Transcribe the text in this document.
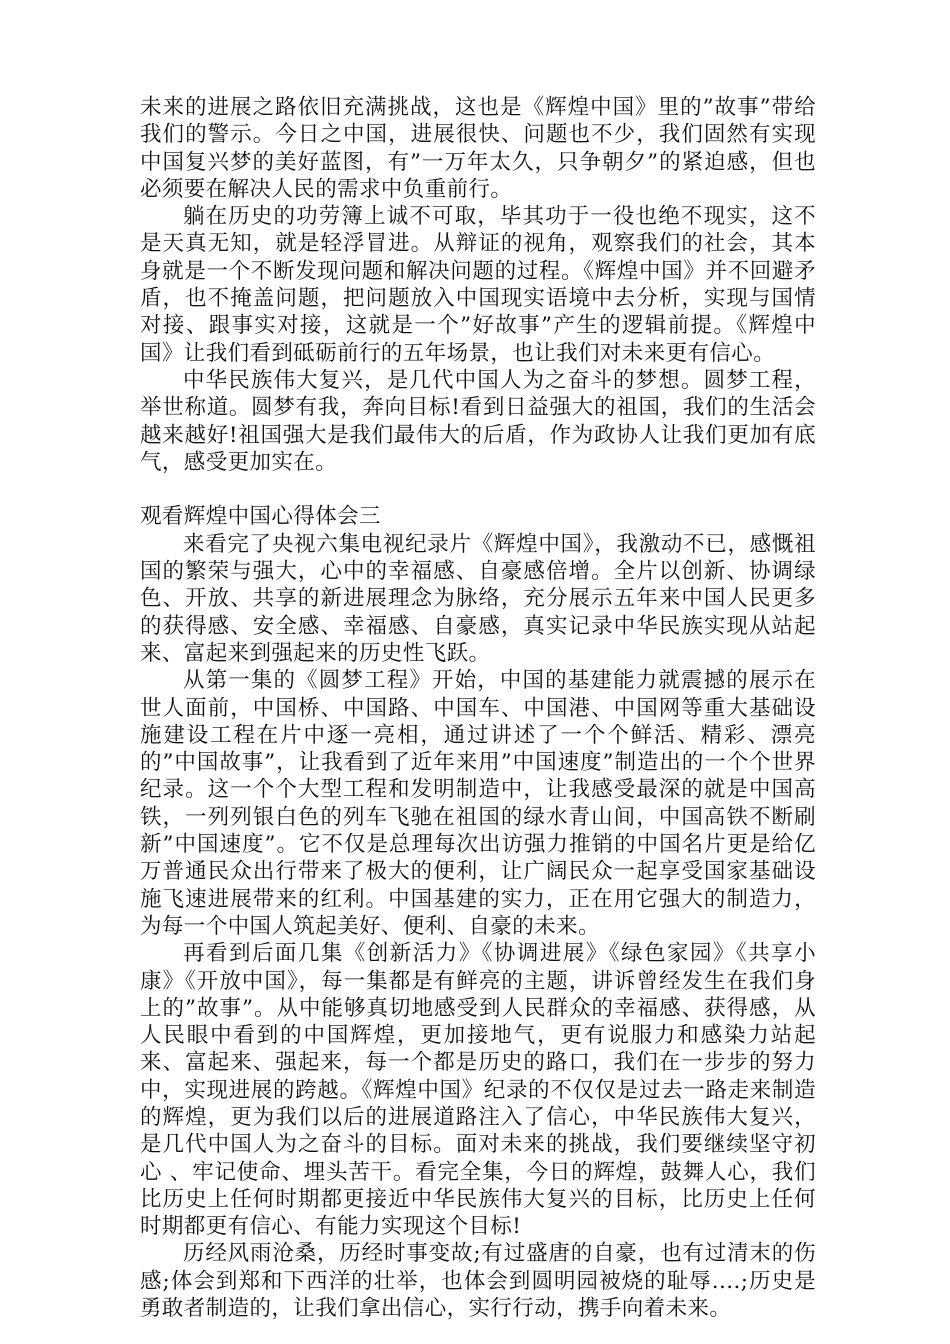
未来的进展之路依旧充满挑战，这也是《辉煌中国》里的”故事”带给我们的警示。今日之中国，进展很快、问题也不少，我们固然有实现中国复兴梦的美好蓝图，有”一万年太久，只争朝夕”的紧迫感，但也必须要在解决人民的需求中负重前行。

躺在历史的功劳簿上诚不可取，毕其功于一役也绝不现实，这不是天真无知，就是轻浮冒进。从辩证的视角，观察我们的社会，其本身就是一个不断发现问题和解决问题的过程。《辉煌中国》并不回避矛盾，也不掩盖问题，把问题放入中国现实语境中去分析，实现与国情对接、跟事实对接，这就是一个”好故事”产生的逻辑前提。《辉煌中国》让我们看到砥砺前行的五年场景，也让我们对未来更有信心。

中华民族伟大复兴，是几代中国人为之奋斗的梦想。圆梦工程，举世称道。圆梦有我，奔向目标!看到日益强大的祖国，我们的生活会越来越好!祖国强大是我们最伟大的后盾，作为政协人让我们更加有底气，感受更加实在。

观看辉煌中国心得体会三

来看完了央视六集电视纪录片《辉煌中国》，我激动不已，感慨祖国的繁荣与强大，心中的幸福感、自豪感倍增。全片以创新、协调绿色、开放、共享的新进展理念为脉络，充分展示五年来中国人民更多的获得感、安全感、幸福感、自豪感，真实记录中华民族实现从站起来、富起来到强起来的历史性飞跃。

从第一集的《圆梦工程》开始，中国的基建能力就震撼的展示在世人面前，中国桥、中国路、中国车、中国港、中国网等重大基础设施建设工程在片中逐一亮相，通过讲述了一个个鲜活、精彩、漂亮的”中国故事”，让我看到了近年来用”中国速度”制造出的一个个世界纪录。这一个个大型工程和发明制造中，让我感受最深的就是中国高铁，一列列银白色的列车飞驰在祖国的绿水青山间，中国高铁不断刷新”中国速度”。它不仅是总理每次出访强力推销的中国名片更是给亿万普通民众出行带来了极大的便利，让广阔民众一起享受国家基础设施飞速进展带来的红利。中国基建的实力，正在用它强大的制造力，为每一个中国人筑起美好、便利、自豪的未来。

再看到后面几集《创新活力》《协调进展》《绿色家园》《共享小康》《开放中国》，每一集都是有鲜亮的主题，讲诉曾经发生在我们身上的”故事”。从中能够真切地感受到人民群众的幸福感、获得感，从人民眼中看到的中国辉煌，更加接地气，更有说服力和感染力站起来、富起来、强起来，每一个都是历史的路口，我们在一步步的努力中，实现进展的跨越。《辉煌中国》纪录的不仅仅是过去一路走来制造的辉煌，更为我们以后的进展道路注入了信心，中华民族伟大复兴，是几代中国人为之奋斗的目标。面对未来的挑战，我们要继续坚守初心 、牢记使命、埋头苦干。看完全集，今日的辉煌，鼓舞人心，我们比历史上任何时期都更接近中华民族伟大复兴的目标，比历史上任何时期都更有信心、有能力实现这个目标!

历经风雨沧桑，历经时事变故;有过盛唐的自豪，也有过清末的伤感;体会到郑和下西洋的壮举，也体会到圆明园被烧的耻辱....;历史是勇敢者制造的，让我们拿出信心，实行行动，携手向着未来。
